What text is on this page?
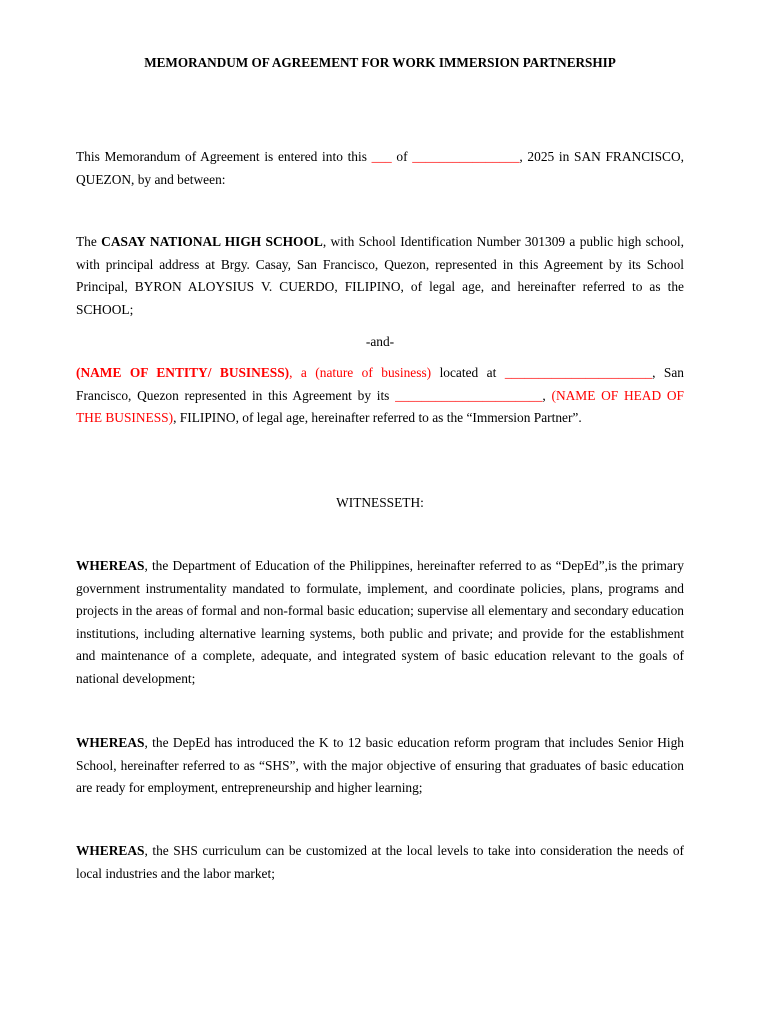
MEMORANDUM OF AGREEMENT FOR WORK IMMERSION PARTNERSHIP

This Memorandum of Agreement is entered into this ___ of ________________, 2025 in SAN FRANCISCO, QUEZON, by and between:

The CASAY NATIONAL HIGH SCHOOL, with School Identification Number 301309 a public high school, with principal address at Brgy. Casay, San Francisco, Quezon, represented in this Agreement by its School Principal, BYRON ALOYSIUS V. CUERDO, FILIPINO, of legal age, and hereinafter referred to as the SCHOOL;

-and-

(NAME OF ENTITY/ BUSINESS), a (nature of business) located at ______________________, San Francisco, Quezon represented in this Agreement by its ______________________, (NAME OF HEAD OF THE BUSINESS), FILIPINO, of legal age, hereinafter referred to as the “Immersion Partner”.

WITNESSETH:

WHEREAS, the Department of Education of the Philippines, hereinafter referred to as “DepEd”,is the primary government instrumentality mandated to formulate, implement, and coordinate policies, plans, programs and projects in the areas of formal and non-formal basic education; supervise all elementary and secondary education institutions, including alternative learning systems, both public and private; and provide for the establishment and maintenance of a complete, adequate, and integrated system of basic education relevant to the goals of national development;

WHEREAS, the DepEd has introduced the K to 12 basic education reform program that includes Senior High School, hereinafter referred to as “SHS”, with the major objective of ensuring that graduates of basic education are ready for employment, entrepreneurship and higher learning;

WHEREAS, the SHS curriculum can be customized at the local levels to take into consideration the needs of local industries and the labor market;
